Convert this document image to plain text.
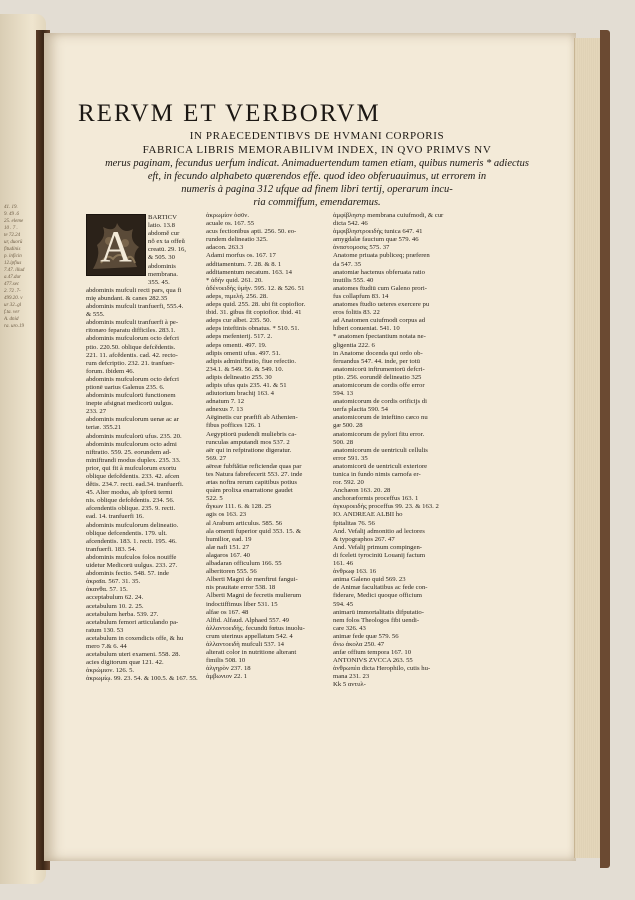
41. 19.
9. 49 .6
25. eleme
10 . 7 .
te 72.24
ur, duorü
fitudinis
p. inficin
12.ipfius
7.47. illud
a.47.dur
477.sec
2. 72 .7-
499.20. v
ur 32..gl
f.ta. ver
A. dnid
ra. uro.19
RERVM ET VERBORVM
IN PRAECEDENTIBVS DE HVMANI CORPORIS
FABRICA LIBRIS MEMORABILIVM INDEX, IN QVO PRIMVS NV
merus paginam, fecundus uerfum indicat. Animaduertendum tamen etiam, quibus numeris * adiectus
eft, in fecundo alphabeto quærendos effe. quod ideo obferuauimus, ut errorem in
numeris à pagina 312 ufque ad finem libri tertij, operarum incu-
ria commiffum, emendaremus.
A
BARTICV
latio. 13.8
abdomĕ cur
nŏ ex ta offeŭ
creatū. 29. 16,
& 505. 30
abdominis
membrana.
355. 45.
abdominis mufculi recti pars, qua fi
mię abundant. & canes 282.35
abdominis mufculi tranfuerfi, 555.4.
& 555.
abdominis mufculi tranfuerfi à pe-
ritonæo feparatu difficiles. 283.1.
abdominis mufculorum octo defcri
ptio. 220.50. oblique defcĕdentis.
221. 11. afcĕdentis. cad. 42. recto-
rum defcriptio. 232. 21. tranfuer-
forum. ibidem 46.
abdominis mufculorum octo defcri
ptionē uarius Galenus 235. 6.
abdominis mufculorū functionem
inepte afsignat medicorū uulgus.
233. 27
abdominis mufculorum uenæ ac ar
teriæ. 355.21
abdominis mufculorū ufus. 235. 20.
abdominis mufculorum octo admi
niftratio. 559. 25. eorundem ad-
miniftrandi modus duplex. 235. 33.
prior, qui fit à mufculorum exortu
oblique defcĕdentis. 233. 42. afcen
dĕtis. 234.7. recti. ead.34. tranfuerfi.
45. Alter modus, ab ipforū termi
nis. oblique defcĕdentis. 234. 56.
afcendentis oblique. 235. 9. recti.
ead. 14. tranfuerfi 16.
abdominis mufculorum delineatio.
oblique defcendentis. 179. ult.
afcendentis. 183. 1. recti. 195. 46.
tranfuerfi. 183. 54.
abdominis mufculos folos nouiffe
uidetur Medicorū uulgus. 233. 27.
abdominis fectio. 548. 57. inde
ἀκραῖα. 567. 31. 35.
ἀκανθα. 57. 15.
acceptabulum 62. 24.
acetabulum 10. 2. 25.
acetabulum herba. 539. 27.
acetabulum femori articulando pa-
ratum 130. 53
acetabulum in coxendicis offe, & hu
mero 7.& 6. 44
acetabulum uteri exameni. 558. 28.
acies digitorum quæ 121. 42.
ἀκρώμιον. 126. 5.
ἀκρωμίῳ. 99. 23. 54. & 100.5. & 167. 55.
ἀκρωμίον ὀσῦν.
acuale os. 167. 55
acus fectionibus apti. 256. 50. eo-
rundem delineatio 325.
adacon. 263.3
Adami morfus os. 167. 17
additamentum. 7. 28. & 8. 1
additamentum necatum. 163. 14
* ἀδὴν quid. 261. 20.
ἀδένοειδὴς ὑμὴν. 595. 12. & 526. 51
adeps, πιμελή. 256. 28.
adeps quid. 255. 28. ubi fit copiofior.
ibid. 31. gibus fit copiofior. ibid. 41
adeps cur albet. 235. 50.
adeps inteftinis obnatus. * 510. 51.
adeps mefenterij. 517. 2.
adeps omenti. 497. 19.
adipis omenti ufus. 497. 51.
adipis adminiftratio, fiue refectio.
234.1. & 549. 56. & 549. 10.
adipis delineatio 255. 30
adipis ufus quis 235. 41. & 51
adiutorium brachij 163. 4
adnatum 7. 12
adnexus 7. 13
Aëginetis cur præfifi ab Athenien-
fibus poffices 126. 1
Aegyptiorū pudendi muliebris ca-
runculas amputandi mos 537. 2
aër qui in refpiratione digeratur.
569. 27
aëreæ fubftătiæ reficiendæ quas par
tes Natura fabrefecerit 553. 27. inde
ætas noftra rerum capitibus potius
quàm prolixa enarratione gaudet
522. 5
ἄγκων 111. 6. & 128. 25
agis os 163. 23
al Arabum articulus. 585. 56
ala omenti fuperior quid 353. 15. &
humilior, ead. 19
alæ nafi 151. 27
alagaros 167. 40
albadaran officulum 166. 55
alberitoren 555. 56
Alberti Magni de menftrui fangui-
nis prauitate error 538. 18
Alberti Magni de fecretis mulierum
indoctiffimus liber 531. 15
alfae os 167. 48
Alfid. Alfaud. Alphaed 557. 49
ἀλλαντοειδὴς. fecundū fœtus inuolu-
crum uterinus appellatum 542. 4
ἀλλαντοειδὴ mufculi 537. 14
alterati color in nutritione alterant
fimilis 508. 10
ἀλγηρὸν 237. 18
ἀμβωνιον 22. 1
ἀμφίβληστρ membrana cuiufmodi, & cur
dicta 542. 46
ἀμφιβληστροειδὴς tunica 647. 41
amygdalæ faucium quæ 579. 46
ἀναστομοσις 575. 37
Anatome priuata publiceq; præferen
da 547. 35
anatomiæ hactenus obferuata ratio
inutilis 555. 40
anatomes ftudiū cum Galeno prori-
fus collapfum 83. 14
anatomes ftudio ueteres exercere pu
eros folitis 83. 22
ad Anatomen cuiufmodi corpus ad
hiberi conueniat. 541. 10
* anatomen fpectantium notata ne-
gligentia 222. 6
in Anatome docenda qui ordo ob-
feruandus 547. 44. inde, per totū
anatomicorū inftrumentorū defcri-
ptio. 256. eorundĕ delineatio 325
anatomicorum de cordis offe error
594. 13
anatomicorum de cordis orificijs di
uerfa placita 590. 54
anatomicorum de inteftino cæco nu
gæ 500. 28
anatomicorum de pylori fitu error.
500. 28
anatomicorum de uentriculi cellulis
error 591. 35
anatomicorū de uentriculi exteriore
tunica in fundo nimis carnofa er-
ror. 592. 20
Anchæon 163. 20. 28
anchoræformis proceffus 163. 1
ἀγκυροειδὴς proceffus 99. 23. & 163. 2
IO. ANDREAE ALBII ho
fpitalitas 76. 56
And. Vefalij admonitio ad lectores
& typographos 267. 47
And. Vefalij primum compingen-
di fceleti tyrociniū Louanij factum
161. 46
ἀνθρωφ 163. 16
anima Galeno quid 569. 23
de Animæ facultatibus ac fede con-
fiderare, Medici quoque officium
594. 45
animarū immortalitatis difputatio-
nem folos Theologos fibi uendi-
care 326. 43
animæ fede quæ 579. 56
ἄνω ἀκολα 250. 47
anfæ offium tempora 167. 10
ANTONIVS ZVCCA 263. 55
ἀνθρωπέα dicta Herophilo, cutis hu-
mana 231. 23
Kk 5 αντυλ-
